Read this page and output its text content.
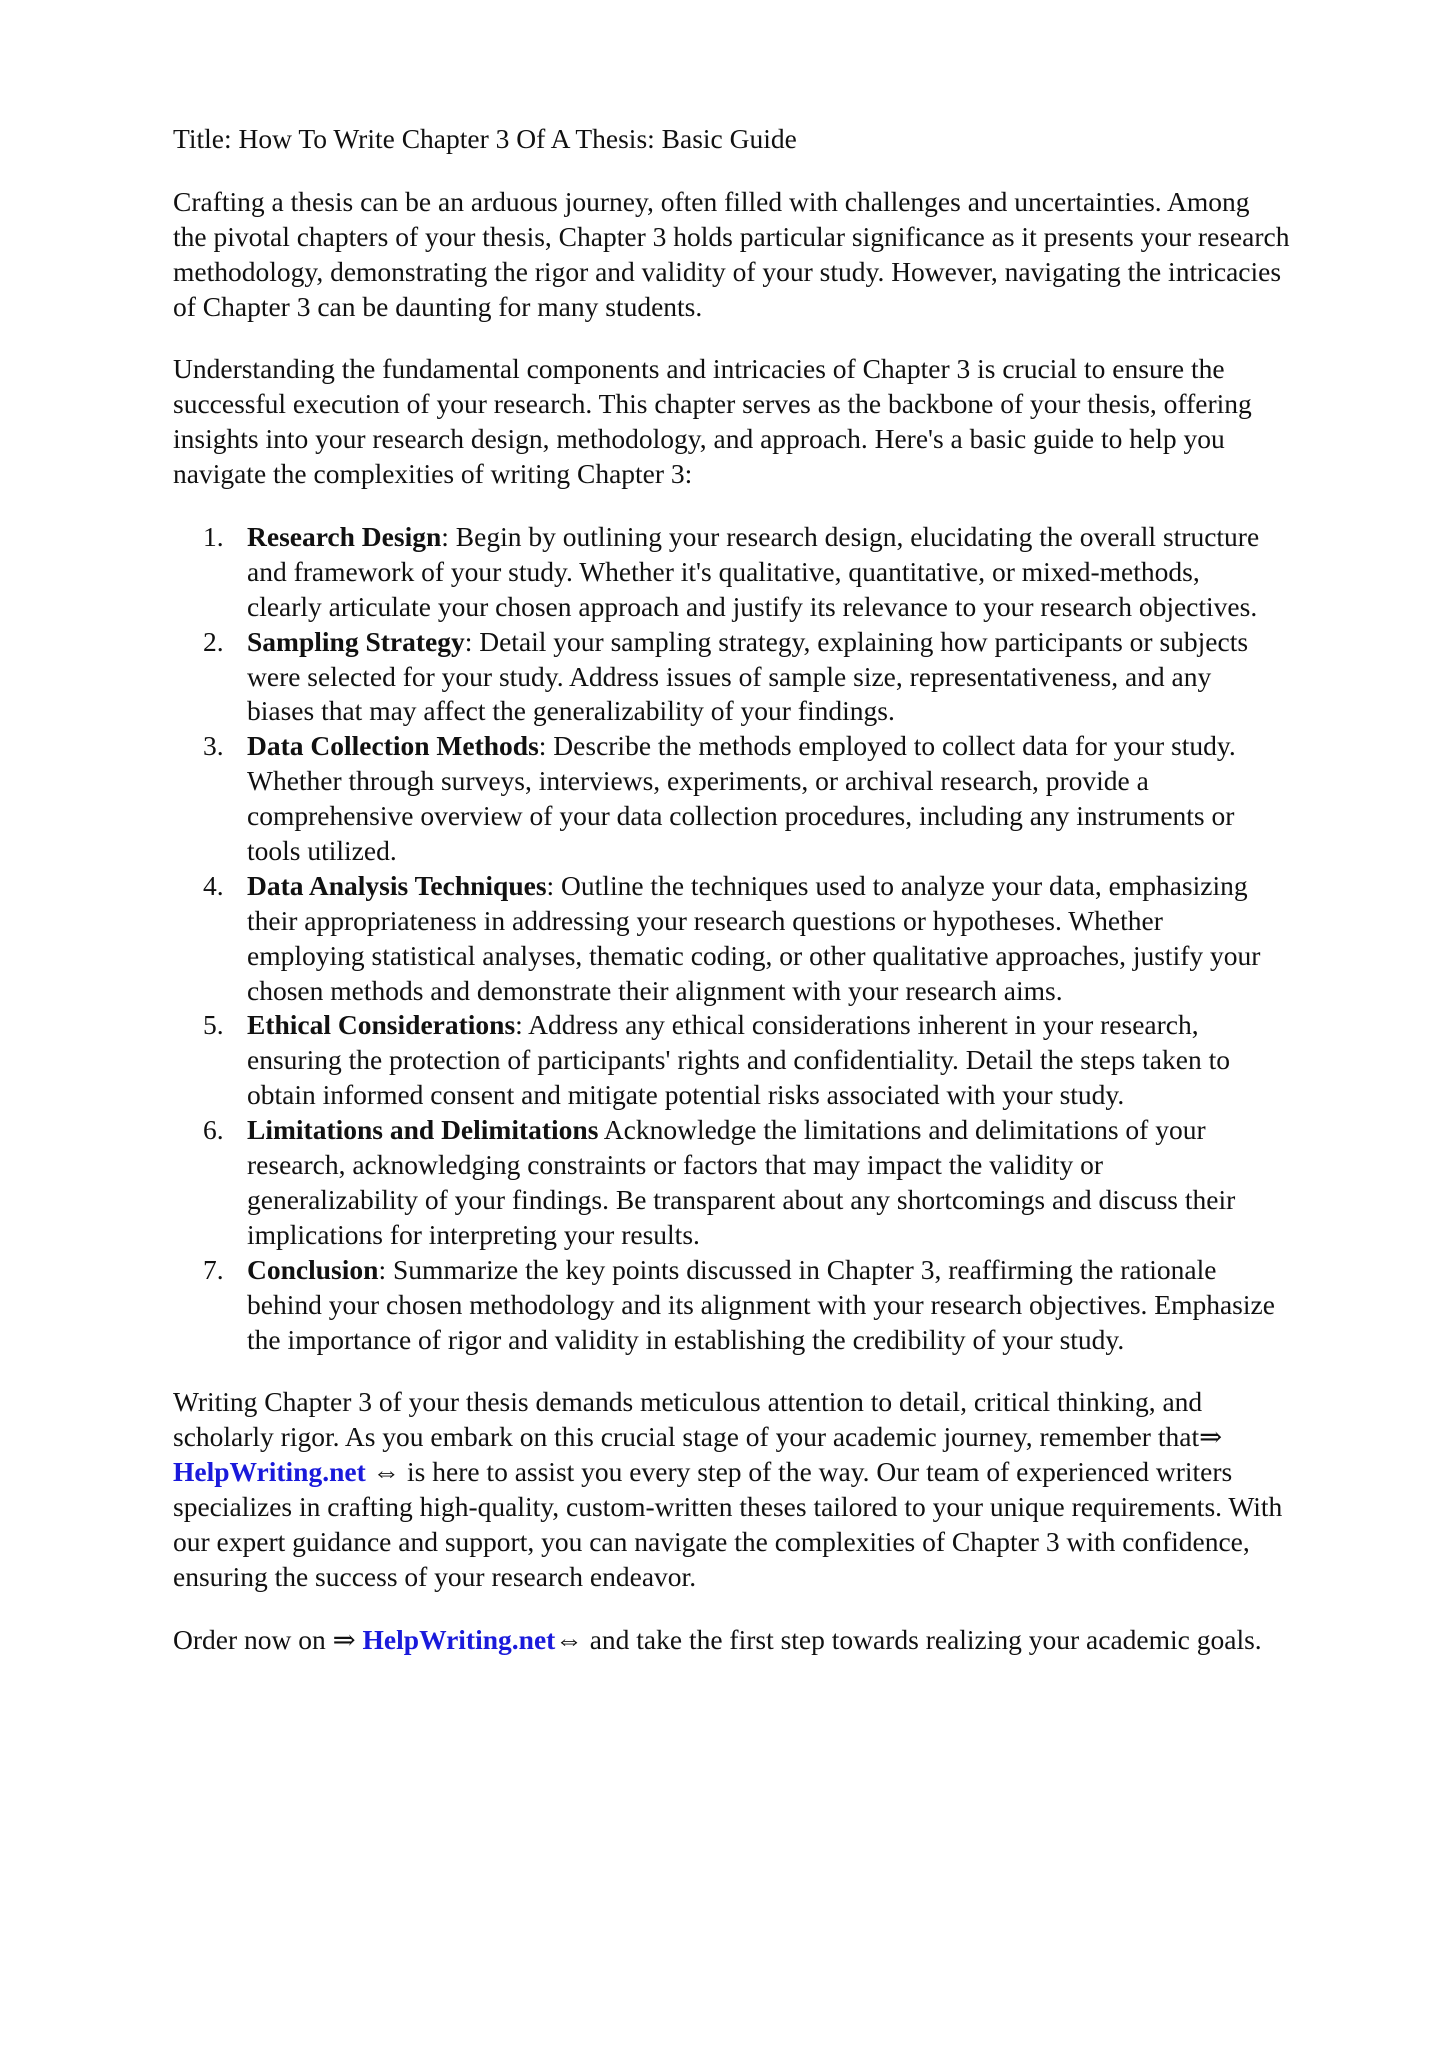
Title: How To Write Chapter 3 Of A Thesis: Basic Guide
Crafting a thesis can be an arduous journey, often filled with challenges and uncertainties. Among
the pivotal chapters of your thesis, Chapter 3 holds particular significance as it presents your research
methodology, demonstrating the rigor and validity of your study. However, navigating the intricacies
of Chapter 3 can be daunting for many students.
Understanding the fundamental components and intricacies of Chapter 3 is crucial to ensure the
successful execution of your research. This chapter serves as the backbone of your thesis, offering
insights into your research design, methodology, and approach. Here's a basic guide to help you
navigate the complexities of writing Chapter 3:
1. Research Design: Begin by outlining your research design, elucidating the overall structure
and framework of your study. Whether it's qualitative, quantitative, or mixed-methods,
clearly articulate your chosen approach and justify its relevance to your research objectives.
2. Sampling Strategy: Detail your sampling strategy, explaining how participants or subjects
were selected for your study. Address issues of sample size, representativeness, and any
biases that may affect the generalizability of your findings.
3. Data Collection Methods: Describe the methods employed to collect data for your study.
Whether through surveys, interviews, experiments, or archival research, provide a
comprehensive overview of your data collection procedures, including any instruments or
tools utilized.
4. Data Analysis Techniques: Outline the techniques used to analyze your data, emphasizing
their appropriateness in addressing your research questions or hypotheses. Whether
employing statistical analyses, thematic coding, or other qualitative approaches, justify your
chosen methods and demonstrate their alignment with your research aims.
5. Ethical Considerations: Address any ethical considerations inherent in your research,
ensuring the protection of participants' rights and confidentiality. Detail the steps taken to
obtain informed consent and mitigate potential risks associated with your study.
6. Limitations and Delimitations Acknowledge the limitations and delimitations of your
research, acknowledging constraints or factors that may impact the validity or
generalizability of your findings. Be transparent about any shortcomings and discuss their
implications for interpreting your results.
7. Conclusion: Summarize the key points discussed in Chapter 3, reaffirming the rationale
behind your chosen methodology and its alignment with your research objectives. Emphasize
the importance of rigor and validity in establishing the credibility of your study.
Writing Chapter 3 of your thesis demands meticulous attention to detail, critical thinking, and
scholarly rigor. As you embark on this crucial stage of your academic journey, remember that⇒
HelpWriting.net ⇔ is here to assist you every step of the way. Our team of experienced writers
specializes in crafting high-quality, custom-written theses tailored to your unique requirements. With
our expert guidance and support, you can navigate the complexities of Chapter 3 with confidence,
ensuring the success of your research endeavor.
Order now on ⇒ HelpWriting.net⇔ and take the first step towards realizing your academic goals.
